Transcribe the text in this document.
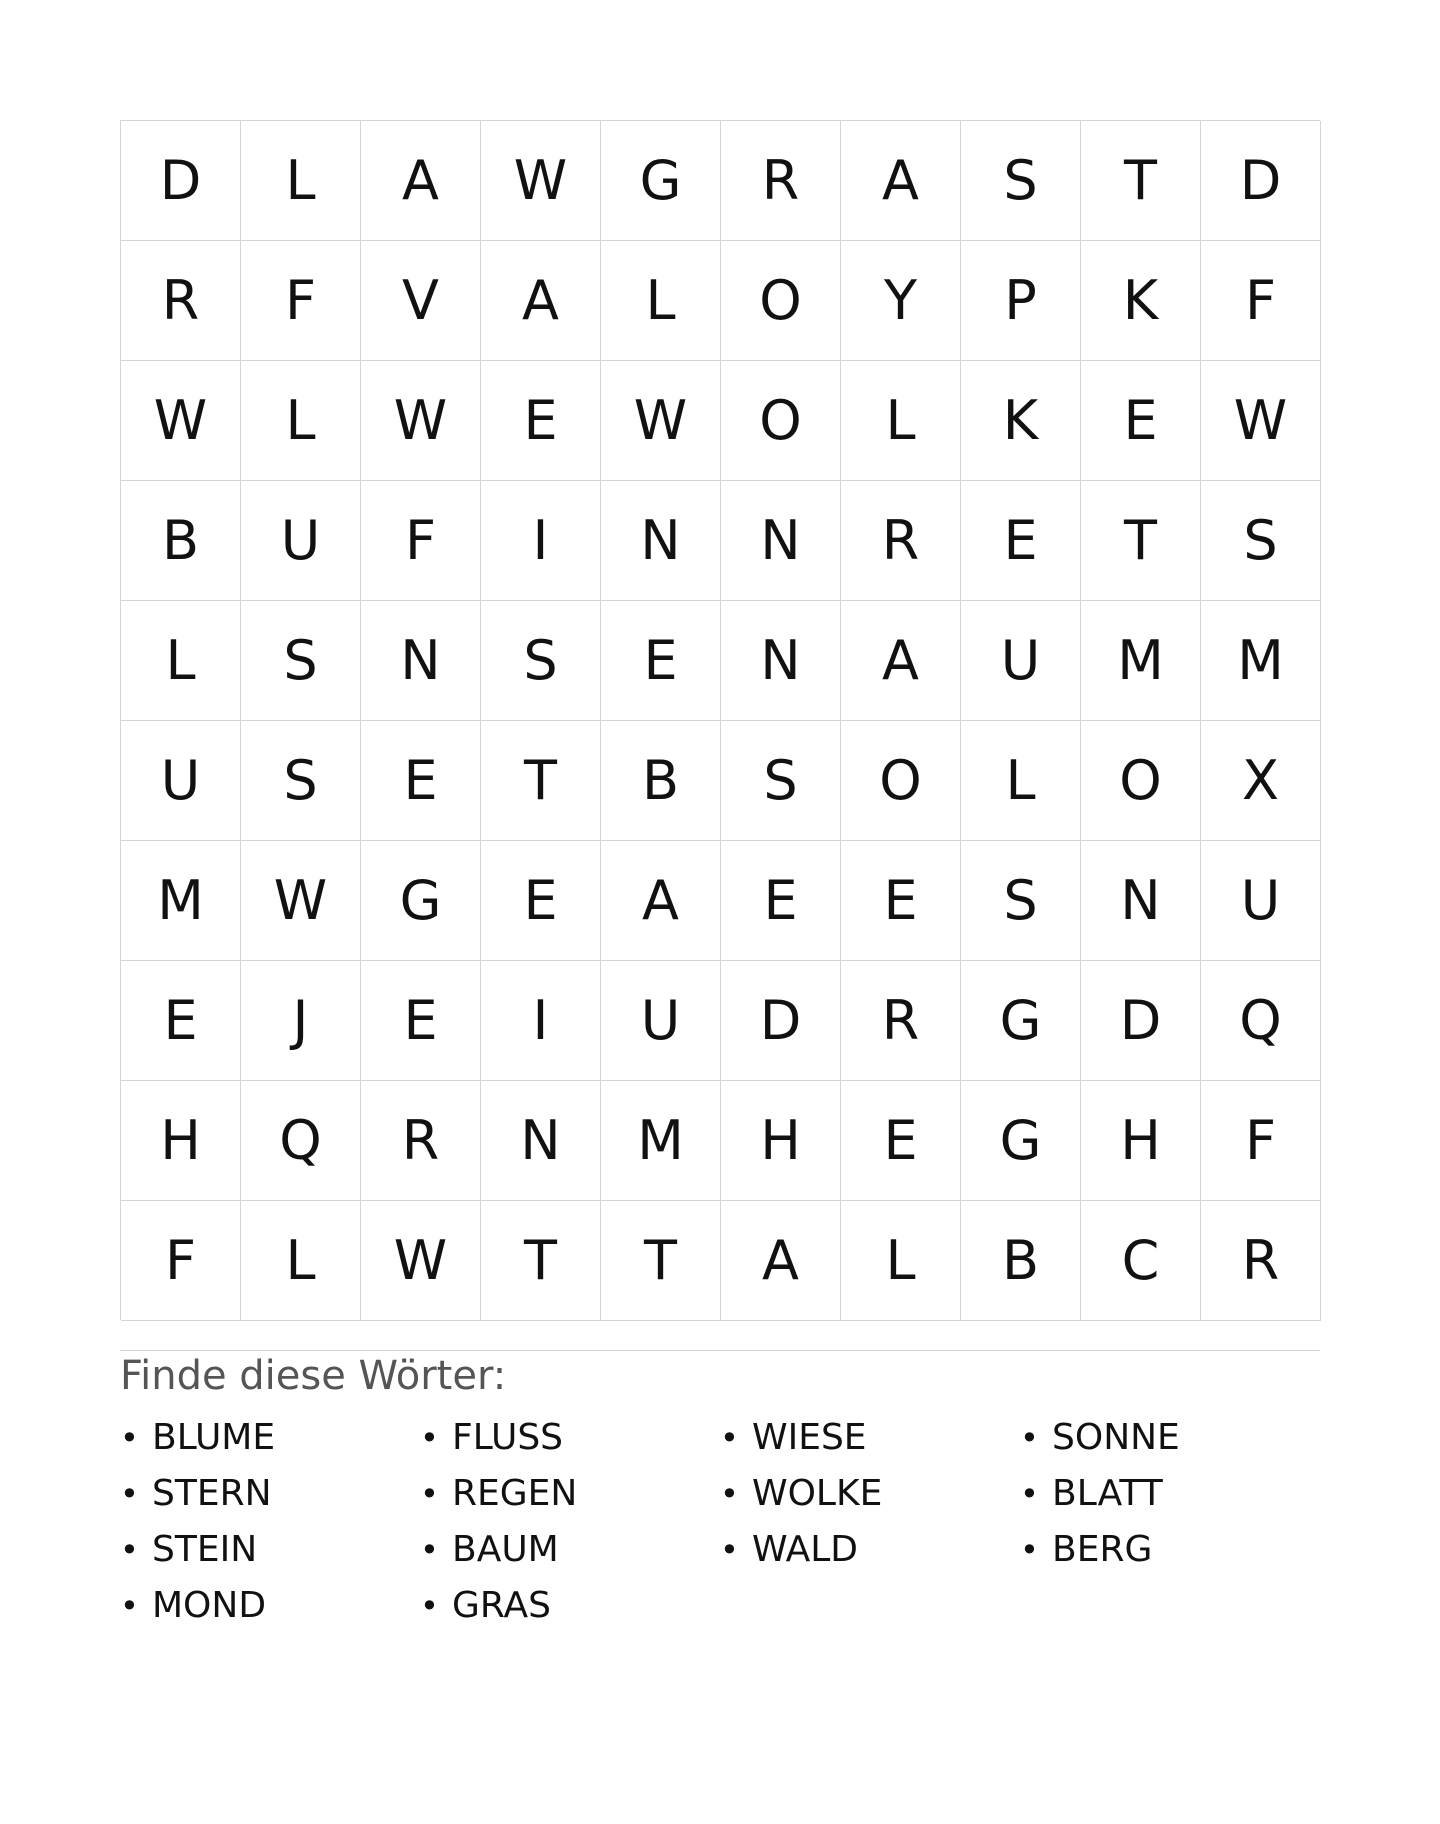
D	L	A	W	G	R	A	S	T	D
R	F	V	A	L	O	Y	P	K	F
W	L	W	E	W	O	L	K	E	W
B	U	F	I	N	N	R	E	T	S
L	S	N	S	E	N	A	U	M	M
U	S	E	T	B	S	O	L	O	X
M	W	G	E	A	E	E	S	N	U
E	J	E	I	U	D	R	G	D	Q
H	Q	R	N	M	H	E	G	H	F
F	L	W	T	T	A	L	B	C	R
Finde diese Wörter:
• BLUME	• FLUSS	• WIESE	• SONNE
• STERN	• REGEN	• WOLKE	• BLATT
• STEIN	• BAUM	• WALD	• BERG
• MOND	• GRAS
